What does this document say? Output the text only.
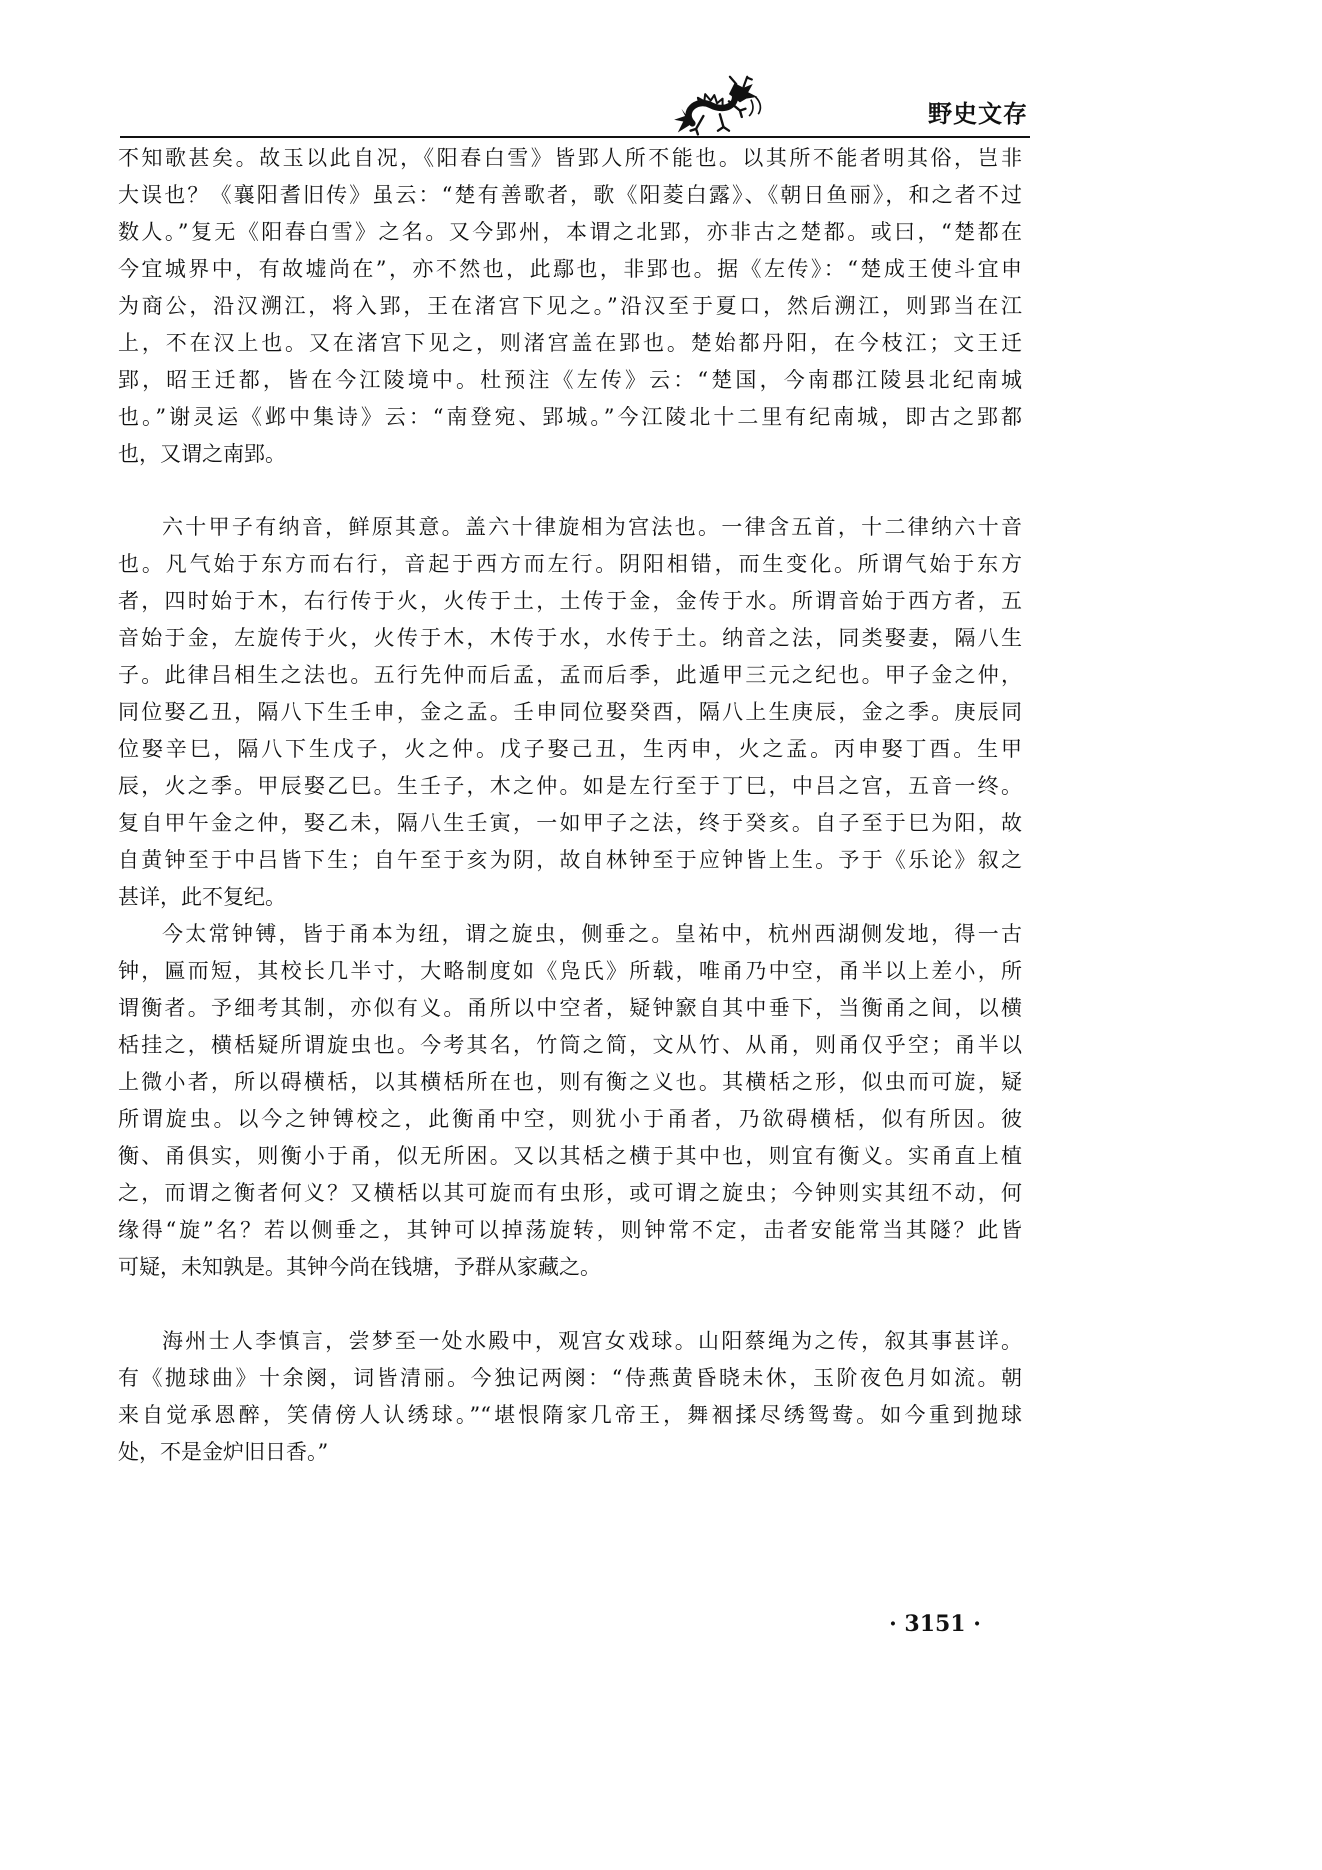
野史文存
不知歌甚矣。故玉以此自况，《阳春白雪》皆郢人所不能也。以其所不能者明其俗，岂非
大误也？《襄阳耆旧传》虽云：“楚有善歌者，歌《阳菱白露》、《朝日鱼丽》，和之者不过
数人。”复无《阳春白雪》之名。又今郢州，本谓之北郢，亦非古之楚都。或曰，“楚都在
今宜城界中，有故墟尚在”，亦不然也，此鄢也，非郢也。据《左传》：“楚成王使斗宜申
为商公，沿汉溯江，将入郢，王在渚宫下见之。”沿汉至于夏口，然后溯江，则郢当在江
上，不在汉上也。又在渚宫下见之，则渚宫盖在郢也。楚始都丹阳，在今枝江；文王迁
郢，昭王迁都，皆在今江陵境中。杜预注《左传》云：“楚国，今南郡江陵县北纪南城
也。”谢灵运《邺中集诗》云：“南登宛、郢城。”今江陵北十二里有纪南城，即古之郢都
也，又谓之南郢。
六十甲子有纳音，鲜原其意。盖六十律旋相为宫法也。一律含五首，十二律纳六十音
也。凡气始于东方而右行，音起于西方而左行。阴阳相错，而生变化。所谓气始于东方
者，四时始于木，右行传于火，火传于土，土传于金，金传于水。所谓音始于西方者，五
音始于金，左旋传于火，火传于木，木传于水，水传于土。纳音之法，同类娶妻，隔八生
子。此律吕相生之法也。五行先仲而后孟，孟而后季，此遁甲三元之纪也。甲子金之仲，
同位娶乙丑，隔八下生壬申，金之孟。壬申同位娶癸酉，隔八上生庚辰，金之季。庚辰同
位娶辛巳，隔八下生戊子，火之仲。戊子娶己丑，生丙申，火之孟。丙申娶丁酉。生甲
辰，火之季。甲辰娶乙巳。生壬子，木之仲。如是左行至于丁巳，中吕之宫，五音一终。
复自甲午金之仲，娶乙未，隔八生壬寅，一如甲子之法，终于癸亥。自子至于巳为阳，故
自黄钟至于中吕皆下生；自午至于亥为阴，故自林钟至于应钟皆上生。予于《乐论》叙之
甚详，此不复纪。
今太常钟镈，皆于甬本为纽，谓之旋虫，侧垂之。皇祐中，杭州西湖侧发地，得一古
钟，匾而短，其校长几半寸，大略制度如《凫氏》所载，唯甬乃中空，甬半以上差小，所
谓衡者。予细考其制，亦似有义。甬所以中空者，疑钟窾自其中垂下，当衡甬之间，以横
栝挂之，横栝疑所谓旋虫也。今考其名，竹筒之简，文从竹、从甬，则甬仅乎空；甬半以
上微小者，所以碍横栝，以其横栝所在也，则有衡之义也。其横栝之形，似虫而可旋，疑
所谓旋虫。以今之钟镈校之，此衡甬中空，则犹小于甬者，乃欲碍横栝，似有所因。彼
衡、甬俱实，则衡小于甬，似无所困。又以其栝之横于其中也，则宜有衡义。实甬直上植
之，而谓之衡者何义？又横栝以其可旋而有虫形，或可谓之旋虫；今钟则实其纽不动，何
缘得“旋”名？若以侧垂之，其钟可以掉荡旋转，则钟常不定，击者安能常当其隧？此皆
可疑，未知孰是。其钟今尚在钱塘，予群从家藏之。
海州士人李慎言，尝梦至一处水殿中，观宫女戏球。山阳蔡绳为之传，叙其事甚详。
有《抛球曲》十余阕，词皆清丽。今独记两阕：“侍燕黄昏晓未休，玉阶夜色月如流。朝
来自觉承恩醉，笑倩傍人认绣球。”“堪恨隋家几帝王，舞裀揉尽绣鸳鸯。如今重到抛球
处，不是金炉旧日香。”
· 3151 ·
